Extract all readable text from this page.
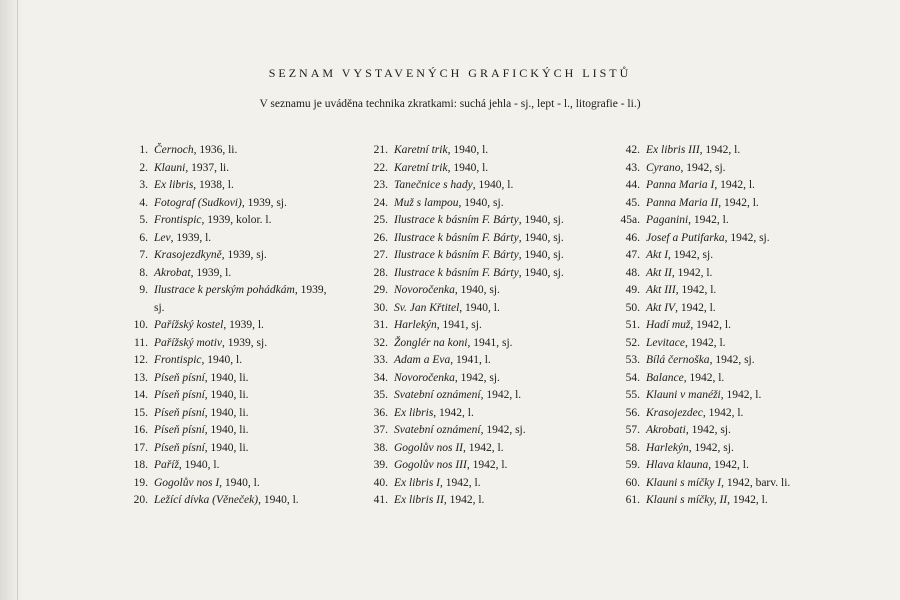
SEZNAM VYSTAVENÝCH GRAFICKÝCH LISTŮ

V seznamu je uváděna technika zkratkami: suchá jehla - sj., lept - l., litografie - li.)

1. Černoch, 1936, li.
2. Klauni, 1937, li.
3. Ex libris, 1938, l.
4. Fotograf (Sudkovi), 1939, sj.
5. Frontispic, 1939, kolor. l.
6. Lev, 1939, l.
7. Krasojezdkyně, 1939, sj.
8. Akrobat, 1939, l.
9. Ilustrace k perským pohádkám, 1939, sj.
10. Pařížský kostel, 1939, l.
11. Pařížský motiv, 1939, sj.
12. Frontispic, 1940, l.
13. Píseň písní, 1940, li.
14. Píseň písní, 1940, li.
15. Píseň písní, 1940, li.
16. Píseň písní, 1940, li.
17. Píseň písní, 1940, li.
18. Paříž, 1940, l.
19. Gogolův nos I, 1940, l.
20. Ležící dívka (Věneček), 1940, l.
21. Karetní trik, 1940, l.
22. Karetní trik, 1940, l.
23. Tanečnice s hady, 1940, l.
24. Muž s lampou, 1940, sj.
25. Ilustrace k básním F. Bárty, 1940, sj.
26. Ilustrace k básním F. Bárty, 1940, sj.
27. Ilustrace k básním F. Bárty, 1940, sj.
28. Ilustrace k básním F. Bárty, 1940, sj.
29. Novoročenka, 1940, sj.
30. Sv. Jan Křtitel, 1940, l.
31. Harlekýn, 1941, sj.
32. Žonglér na koni, 1941, sj.
33. Adam a Eva, 1941, l.
34. Novoročenka, 1942, sj.
35. Svatební oznámení, 1942, l.
36. Ex libris, 1942, l.
37. Svatební oznámení, 1942, sj.
38. Gogolův nos II, 1942, l.
39. Gogolův nos III, 1942, l.
40. Ex libris I, 1942, l.
41. Ex libris II, 1942, l.
42. Ex libris III, 1942, l.
43. Cyrano, 1942, sj.
44. Panna Maria I, 1942, l.
45. Panna Maria II, 1942, l.
45a. Paganini, 1942, l.
46. Josef a Putifarka, 1942, sj.
47. Akt I, 1942, sj.
48. Akt II, 1942, l.
49. Akt III, 1942, l.
50. Akt IV, 1942, l.
51. Hadí muž, 1942, l.
52. Levitace, 1942, l.
53. Bílá černoška, 1942, sj.
54. Balance, 1942, l.
55. Klauni v manéži, 1942, l.
56. Krasojezdec, 1942, l.
57. Akrobati, 1942, sj.
58. Harlekýn, 1942, sj.
59. Hlava klauna, 1942, l.
60. Klauni s míčky I, 1942, barv. li.
61. Klauni s míčky, II, 1942, l.
